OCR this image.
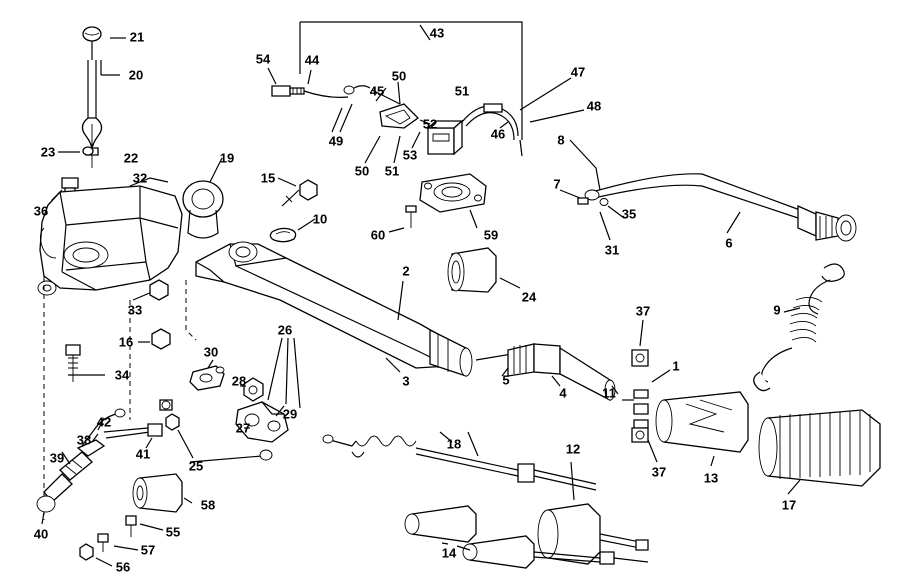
21
20
43
54	44
45
50
51
47
48
49
52
46
53
50 51
8
23	22	19
32	15	7
36
10	35
31	6
60	59
9
33
2
24
16
34
26
37
30
3
1
28	5
4	11
29
27
42
38
41
25
18
39
37	13
17
12
58
40	55
14
57
56
